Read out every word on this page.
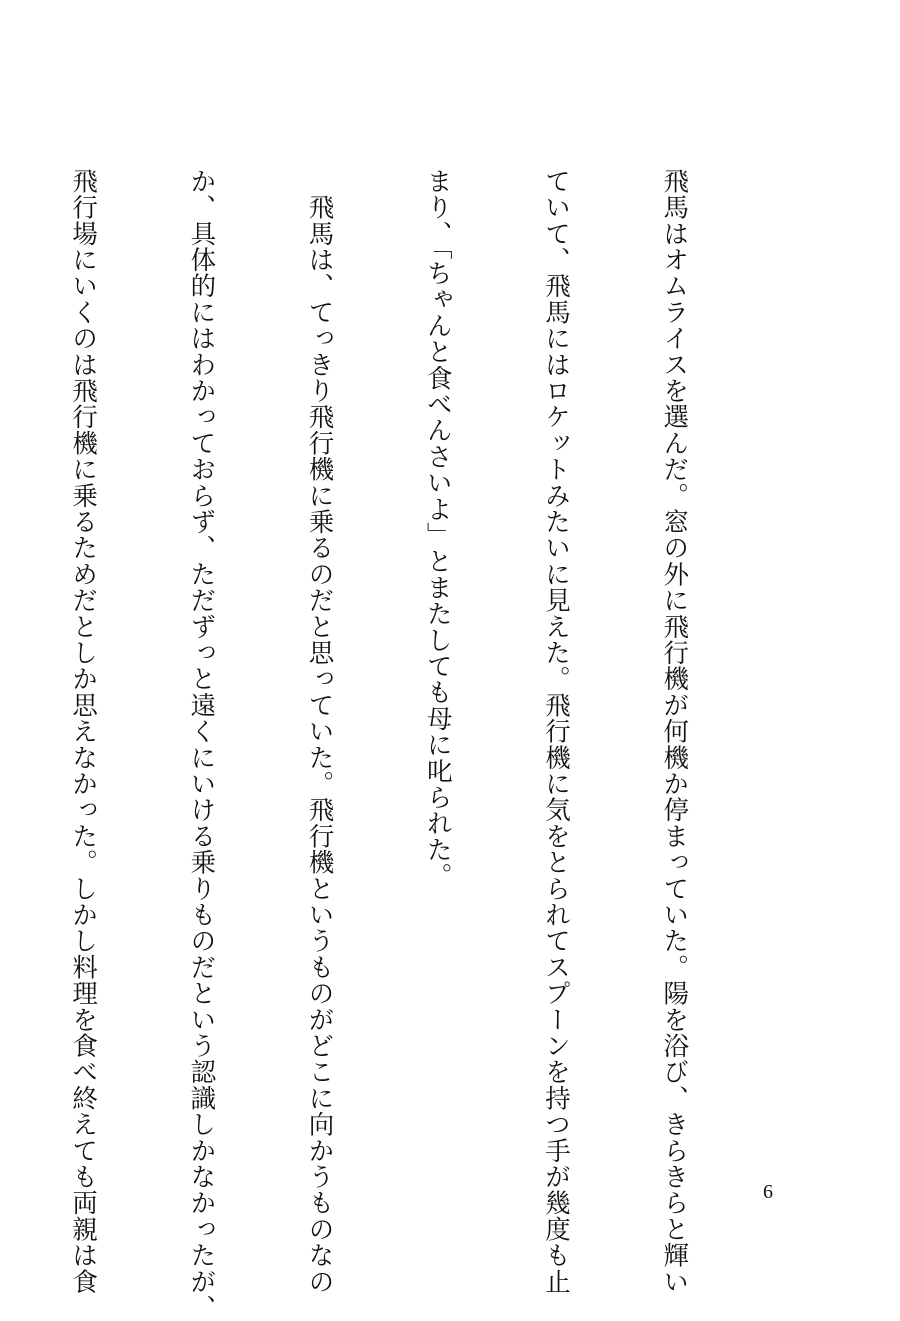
飛馬はオムライスを選んだ。窓の外に飛行機が何機か停まっていた。陽を浴び、きらきらと輝い

ていて、飛馬にはロケットみたいに見えた。飛行機に気をとられてスプーンを持つ手が幾度も止

まり、「ちゃんと食べんさいよ」とまたしても母に叱られた。

　飛馬は、てっきり飛行機に乗るのだと思っていた。飛行機というものがどこに向かうものなの

か、具体的にはわかっておらず、ただずっと遠くにいける乗りものだという認識しかなかったが、

飛行場にいくのは飛行機に乗るためだとしか思えなかった。しかし料理を食べ終えても両親は食

	6
